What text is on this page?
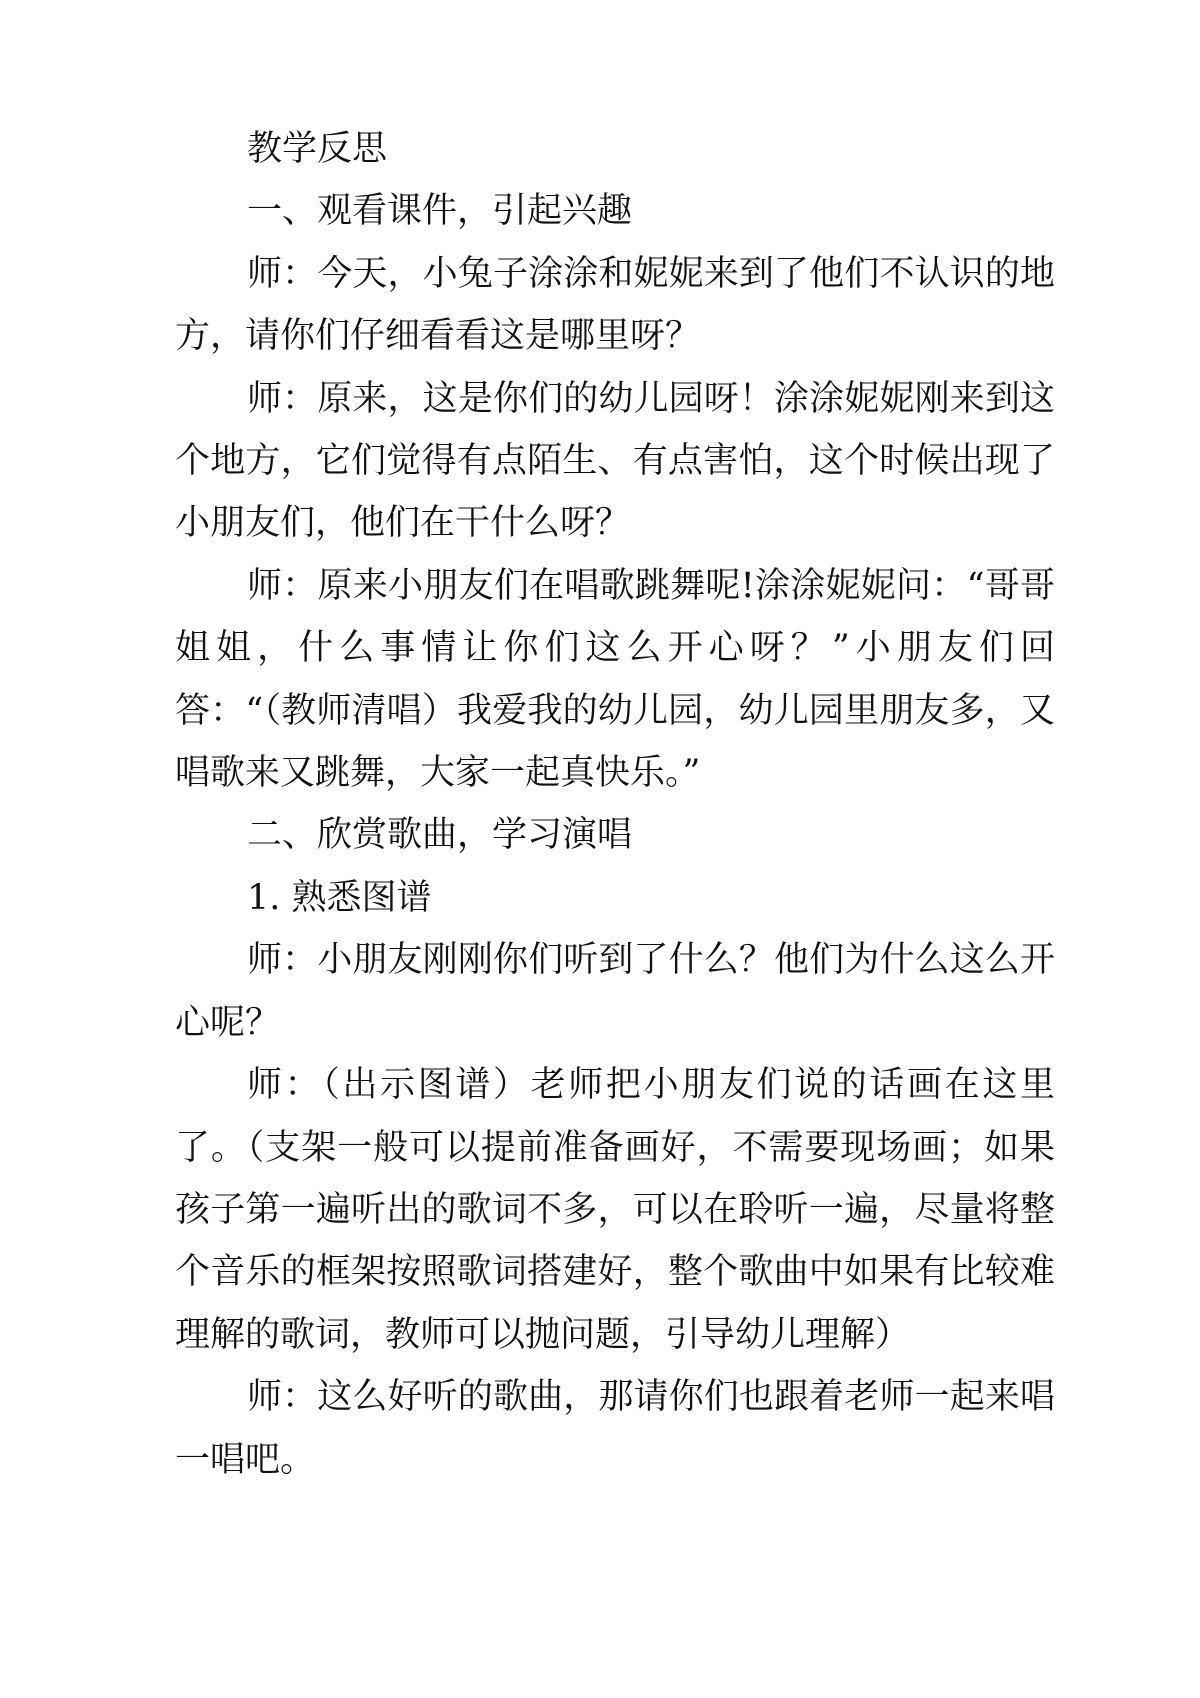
教学反思

一、观看课件，引起兴趣

师：今天，小兔子涂涂和妮妮来到了他们不认识的地方，请你们仔细看看这是哪里呀？

师：原来，这是你们的幼儿园呀！涂涂妮妮刚来到这个地方，它们觉得有点陌生、有点害怕，这个时候出现了小朋友们，他们在干什么呀？

师：原来小朋友们在唱歌跳舞呢!涂涂妮妮问：“哥哥姐姐，什么事情让你们这么开心呀？”小朋友们回答：“（教师清唱）我爱我的幼儿园，幼儿园里朋友多，又唱歌来又跳舞，大家一起真快乐。”

二、欣赏歌曲，学习演唱

1. 熟悉图谱

师：小朋友刚刚你们听到了什么？他们为什么这么开心呢？

师：（出示图谱）老师把小朋友们说的话画在这里了。（支架一般可以提前准备画好，不需要现场画；如果孩子第一遍听出的歌词不多，可以在聆听一遍，尽量将整个音乐的框架按照歌词搭建好，整个歌曲中如果有比较难理解的歌词，教师可以抛问题，引导幼儿理解）

师：这么好听的歌曲，那请你们也跟着老师一起来唱一唱吧。
